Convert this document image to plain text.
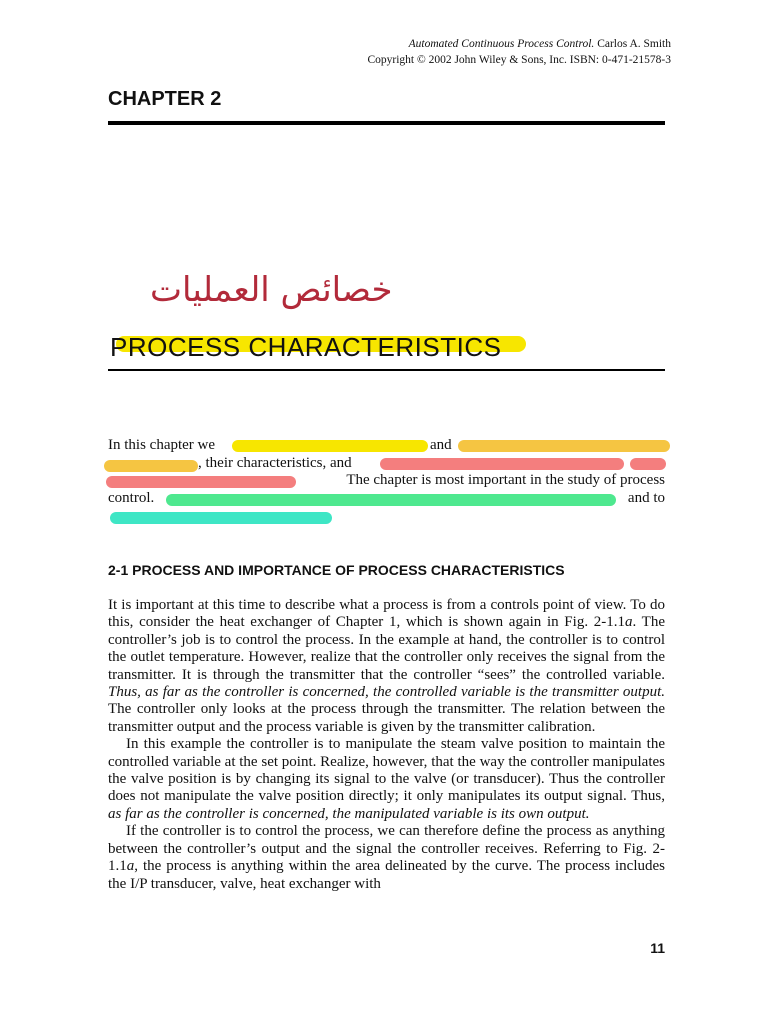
Automated Continuous Process Control. Carlos A. Smith
Copyright © 2002 John Wiley & Sons, Inc. ISBN: 0-471-21578-3
CHAPTER 2
خصائص العمليات
PROCESS CHARACTERISTICS
In this chapter we	and
, their characteristics, and
The chapter is most important in the study of process
control.	and to
2-1 PROCESS AND IMPORTANCE OF PROCESS CHARACTERISTICS

It is important at this time to describe what a process is from a controls point of view. To do this, consider the heat exchanger of Chapter 1, which is shown again in Fig. 2-1.1a. The controller’s job is to control the process. In the example at hand, the controller is to control the outlet temperature. However, realize that the controller only receives the signal from the transmitter. It is through the transmitter that the controller “sees” the controlled variable. Thus, as far as the controller is concerned, the controlled variable is the transmitter output. The controller only looks at the process through the transmitter. The relation between the transmitter output and the process variable is given by the transmitter calibration.

In this example the controller is to manipulate the steam valve position to maintain the controlled variable at the set point. Realize, however, that the way the controller manipulates the valve position is by changing its signal to the valve (or transducer). Thus the controller does not manipulate the valve position directly; it only manipulates its output signal. Thus, as far as the controller is concerned, the manipulated variable is its own output.

If the controller is to control the process, we can therefore define the process as anything between the controller’s output and the signal the controller receives. Referring to Fig. 2-1.1a, the process is anything within the area delineated by the curve. The process includes the I/P transducer, valve, heat exchanger with

11
